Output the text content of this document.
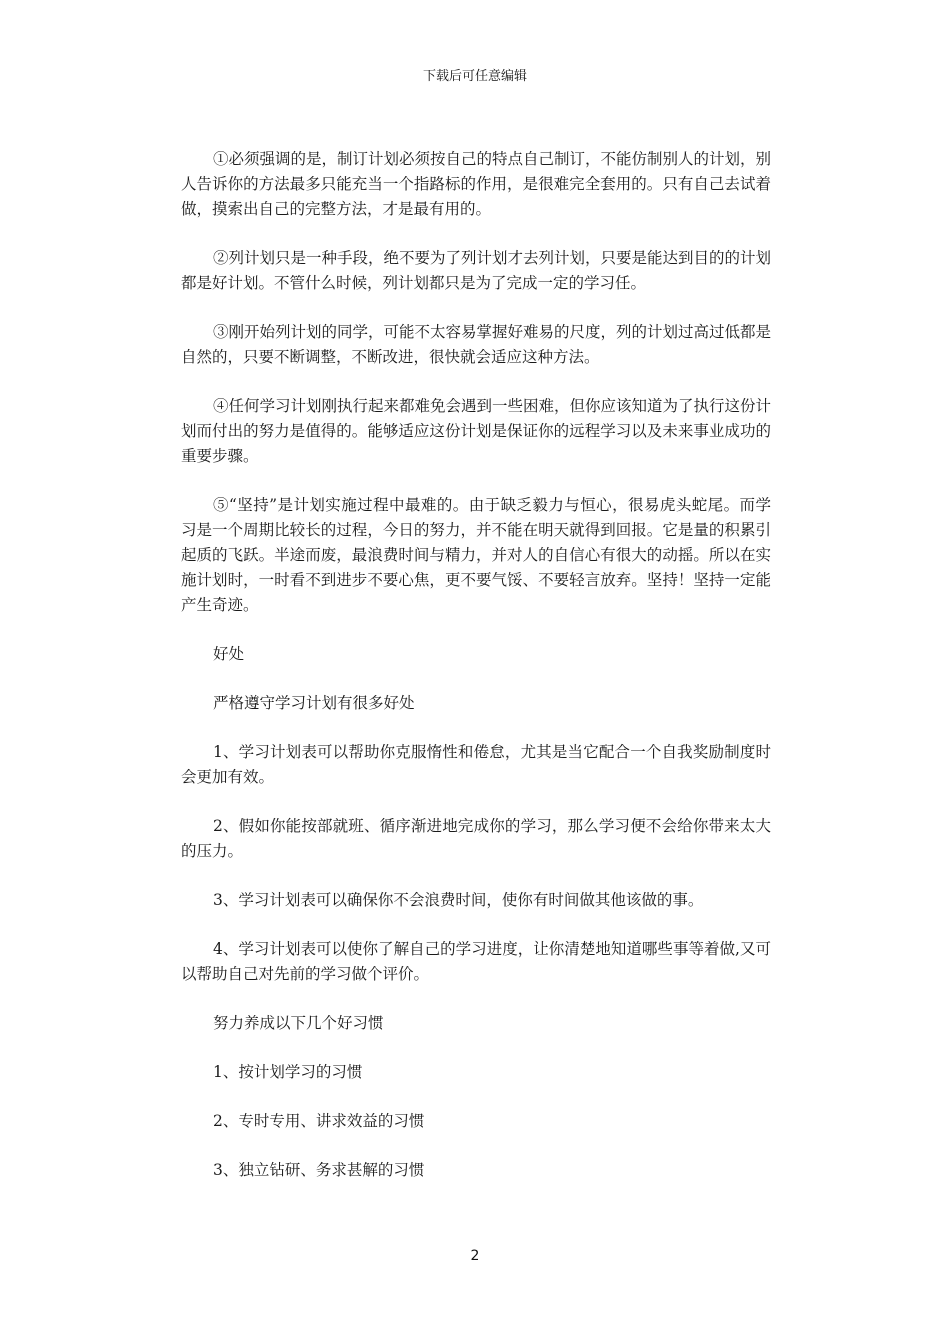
下载后可任意编辑

①必须强调的是，制订计划必须按自己的特点自己制订，不能仿制别人的计划，别人告诉你的方法最多只能充当一个指路标的作用，是很难完全套用的。只有自己去试着做，摸索出自己的完整方法，才是最有用的。

②列计划只是一种手段，绝不要为了列计划才去列计划，只要是能达到目的的计划都是好计划。不管什么时候，列计划都只是为了完成一定的学习任。

③刚开始列计划的同学，可能不太容易掌握好难易的尺度，列的计划过高过低都是自然的，只要不断调整，不断改进，很快就会适应这种方法。

④任何学习计划刚执行起来都难免会遇到一些困难，但你应该知道为了执行这份计划而付出的努力是值得的。能够适应这份计划是保证你的远程学习以及未来事业成功的重要步骤。

⑤“坚持”是计划实施过程中最难的。由于缺乏毅力与恒心，很易虎头蛇尾。而学习是一个周期比较长的过程，今日的努力，并不能在明天就得到回报。它是量的积累引起质的飞跃。半途而废，最浪费时间与精力，并对人的自信心有很大的动摇。所以在实施计划时，一时看不到进步不要心焦，更不要气馁、不要轻言放弃。坚持！坚持一定能产生奇迹。

好处

严格遵守学习计划有很多好处

1、学习计划表可以帮助你克服惰性和倦怠，尤其是当它配合一个自我奖励制度时会更加有效。

2、假如你能按部就班、循序渐进地完成你的学习，那么学习便不会给你带来太大的压力。

3、学习计划表可以确保你不会浪费时间，使你有时间做其他该做的事。

4、学习计划表可以使你了解自己的学习进度，让你清楚地知道哪些事等着做,又可以帮助自己对先前的学习做个评价。

努力养成以下几个好习惯

1、按计划学习的习惯

2、专时专用、讲求效益的习惯

3、独立钻研、务求甚解的习惯

2
